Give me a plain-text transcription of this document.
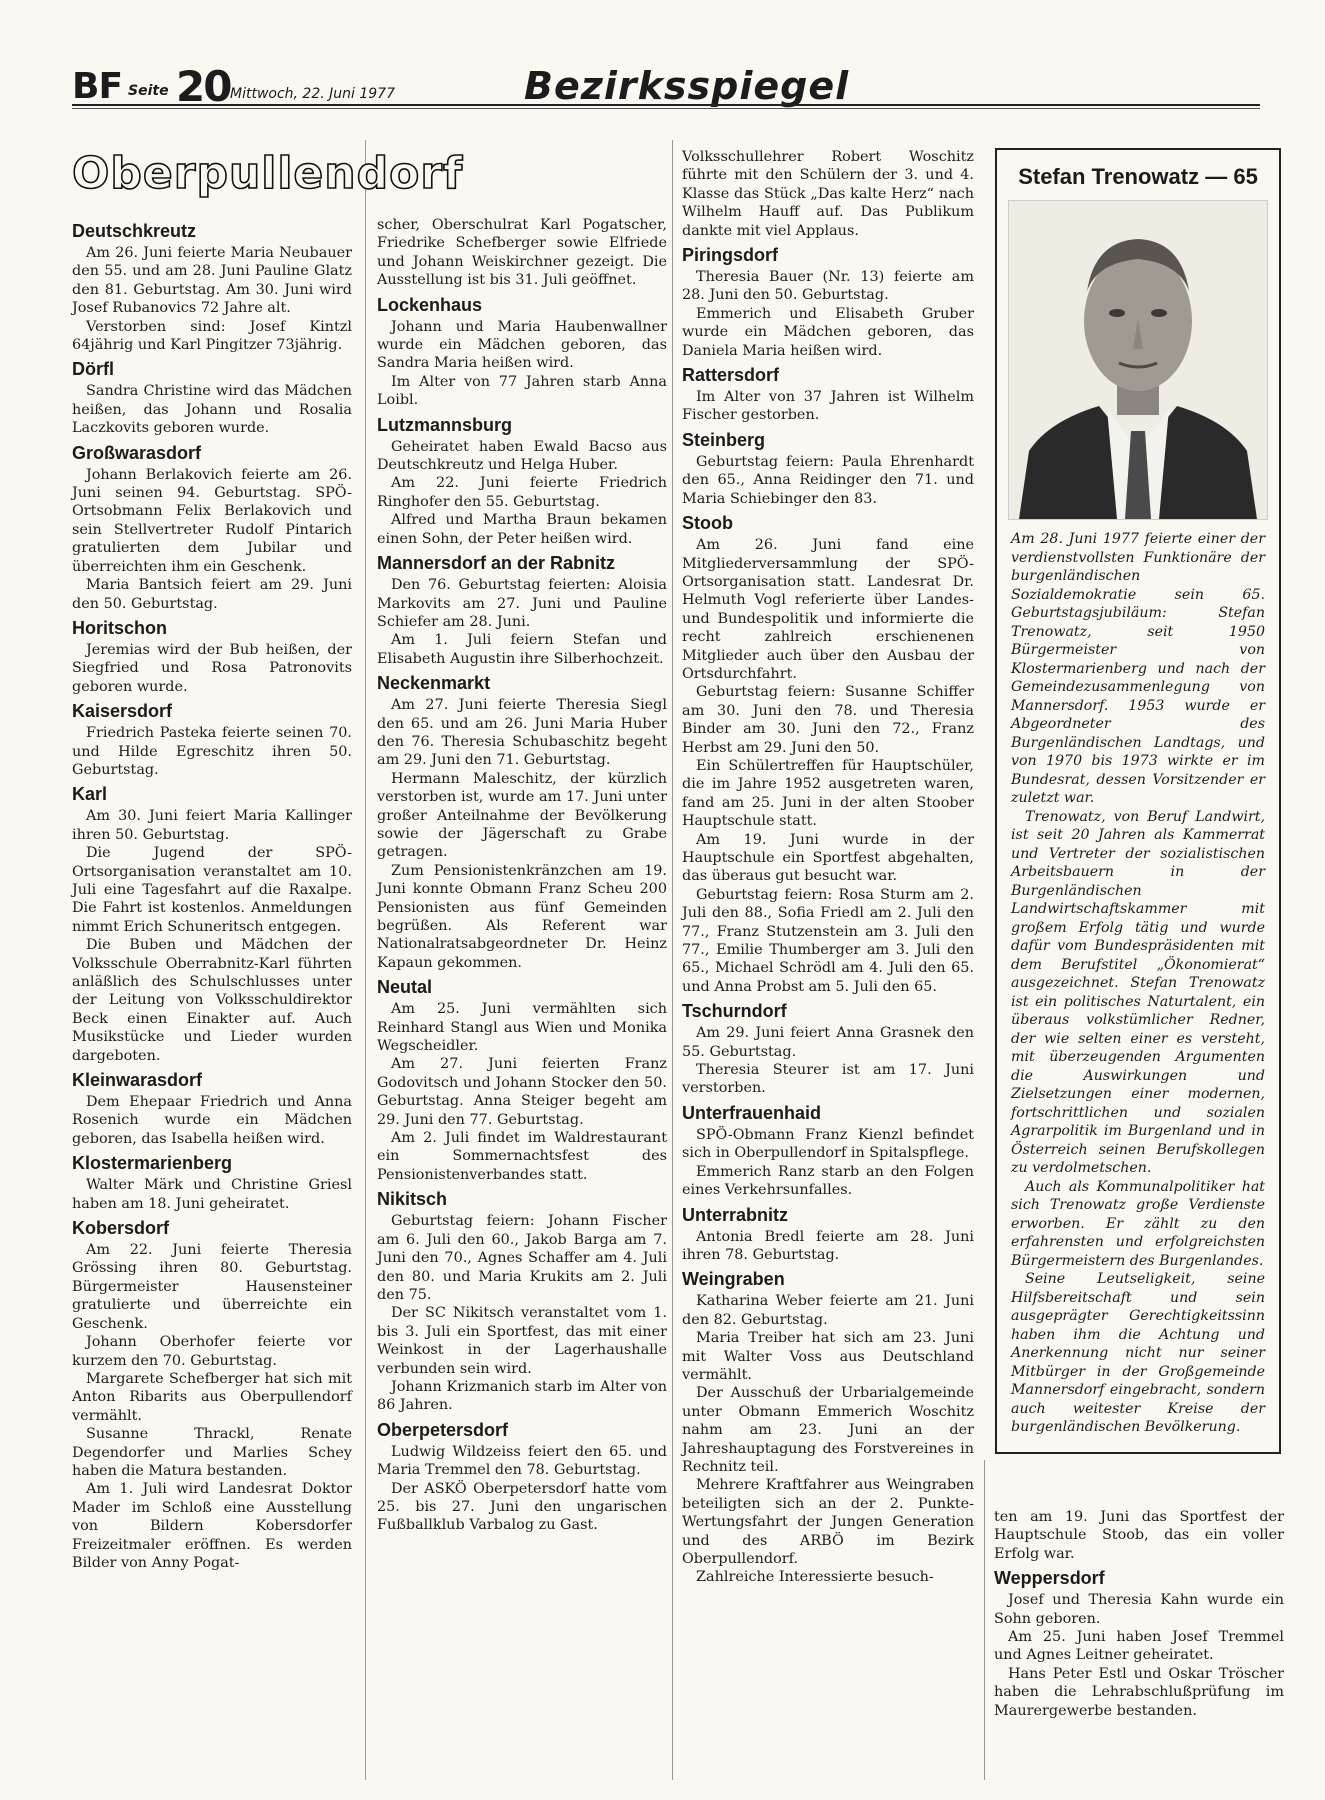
BF Seite 20 Mittwoch, 22. Juni 1977	Bezirksspiegel
Oberpullendorf
Deutschkreutz

Am 26. Juni feierte Maria Neubauer den 55. und am 28. Juni Pauline Glatz den 81. Geburtstag. Am 30. Juni wird Josef Rubanovics 72 Jahre alt.

Verstorben sind: Josef Kintzl 64jährig und Karl Pingitzer 73jährig.

Dörfl

Sandra Christine wird das Mädchen heißen, das Johann und Rosalia Laczkovits geboren wurde.

Großwarasdorf

Johann Berlakovich feierte am 26. Juni seinen 94. Geburtstag. SPÖ-Ortsobmann Felix Berlakovich und sein Stellvertreter Rudolf Pintarich gratulierten dem Jubilar und überreichten ihm ein Geschenk.

Maria Bantsich feiert am 29. Juni den 50. Geburtstag.

Horitschon

Jeremias wird der Bub heißen, der Siegfried und Rosa Patronovits geboren wurde.

Kaisersdorf

Friedrich Pasteka feierte seinen 70. und Hilde Egreschitz ihren 50. Geburtstag.

Karl

Am 30. Juni feiert Maria Kallinger ihren 50. Geburtstag.

Die Jugend der SPÖ-Ortsorganisation veranstaltet am 10. Juli eine Tagesfahrt auf die Raxalpe. Die Fahrt ist kostenlos. Anmeldungen nimmt Erich Schuneritsch entgegen.

Die Buben und Mädchen der Volksschule Oberrabnitz-Karl führten anläßlich des Schulschlusses unter der Leitung von Volksschuldirektor Beck einen Einakter auf. Auch Musikstücke und Lieder wurden dargeboten.

Kleinwarasdorf

Dem Ehepaar Friedrich und Anna Rosenich wurde ein Mädchen geboren, das Isabella heißen wird.

Klostermarienberg

Walter Märk und Christine Griesl haben am 18. Juni geheiratet.

Kobersdorf

Am 22. Juni feierte Theresia Grössing ihren 80. Geburtstag. Bürgermeister Hausensteiner gratulierte und überreichte ein Geschenk.

Johann Oberhofer feierte vor kurzem den 70. Geburtstag.

Margarete Schefberger hat sich mit Anton Ribarits aus Oberpullendorf vermählt.

Susanne Thrackl, Renate Degendorfer und Marlies Schey haben die Matura bestanden.

Am 1. Juli wird Landesrat Doktor Mader im Schloß eine Ausstellung von Bildern Kobersdorfer Freizeitmaler eröffnen. Es werden Bilder von Anny Pogat-

scher, Oberschulrat Karl Pogatscher, Friedrike Schefberger sowie Elfriede und Johann Weiskirchner gezeigt. Die Ausstellung ist bis 31. Juli geöffnet.

Lockenhaus

Johann und Maria Haubenwallner wurde ein Mädchen geboren, das Sandra Maria heißen wird.

Im Alter von 77 Jahren starb Anna Loibl.

Lutzmannsburg

Geheiratet haben Ewald Bacso aus Deutschkreutz und Helga Huber.

Am 22. Juni feierte Friedrich Ringhofer den 55. Geburtstag.

Alfred und Martha Braun bekamen einen Sohn, der Peter heißen wird.

Mannersdorf an der Rabnitz

Den 76. Geburtstag feierten: Aloisia Markovits am 27. Juni und Pauline Schiefer am 28. Juni.

Am 1. Juli feiern Stefan und Elisabeth Augustin ihre Silberhochzeit.

Neckenmarkt

Am 27. Juni feierte Theresia Siegl den 65. und am 26. Juni Maria Huber den 76. Theresia Schubaschitz begeht am 29. Juni den 71. Geburtstag.

Hermann Maleschitz, der kürzlich verstorben ist, wurde am 17. Juni unter großer Anteilnahme der Bevölkerung sowie der Jägerschaft zu Grabe getragen.

Zum Pensionistenkränzchen am 19. Juni konnte Obmann Franz Scheu 200 Pensionisten aus fünf Gemeinden begrüßen. Als Referent war Nationalratsabgeordneter Dr. Heinz Kapaun gekommen.

Neutal

Am 25. Juni vermählten sich Reinhard Stangl aus Wien und Monika Wegscheidler.

Am 27. Juni feierten Franz Godovitsch und Johann Stocker den 50. Geburtstag. Anna Steiger begeht am 29. Juni den 77. Geburtstag.

Am 2. Juli findet im Waldrestaurant ein Sommernachtsfest des Pensionistenverbandes statt.

Nikitsch

Geburtstag feiern: Johann Fischer am 6. Juli den 60., Jakob Barga am 7. Juni den 70., Agnes Schaffer am 4. Juli den 80. und Maria Krukits am 2. Juli den 75.

Der SC Nikitsch veranstaltet vom 1. bis 3. Juli ein Sportfest, das mit einer Weinkost in der Lagerhaushalle verbunden sein wird.

Johann Krizmanich starb im Alter von 86 Jahren.

Oberpetersdorf

Ludwig Wildzeiss feiert den 65. und Maria Tremmel den 78. Geburtstag.

Der ASKÖ Oberpetersdorf hatte vom 25. bis 27. Juni den ungarischen Fußballklub Varbalog zu Gast.

Volksschullehrer Robert Woschitz führte mit den Schülern der 3. und 4. Klasse das Stück „Das kalte Herz“ nach Wilhelm Hauff auf. Das Publikum dankte mit viel Applaus.

Piringsdorf

Theresia Bauer (Nr. 13) feierte am 28. Juni den 50. Geburtstag.

Emmerich und Elisabeth Gruber wurde ein Mädchen geboren, das Daniela Maria heißen wird.

Rattersdorf

Im Alter von 37 Jahren ist Wilhelm Fischer gestorben.

Steinberg

Geburtstag feiern: Paula Ehrenhardt den 65., Anna Reidinger den 71. und Maria Schiebinger den 83.

Stoob

Am 26. Juni fand eine Mitgliederversammlung der SPÖ-Ortsorganisation statt. Landesrat Dr. Helmuth Vogl referierte über Landes- und Bundespolitik und informierte die recht zahlreich erschienenen Mitglieder auch über den Ausbau der Ortsdurchfahrt.

Geburtstag feiern: Susanne Schiffer am 30. Juni den 78. und Theresia Binder am 30. Juni den 72., Franz Herbst am 29. Juni den 50.

Ein Schülertreffen für Hauptschüler, die im Jahre 1952 ausgetreten waren, fand am 25. Juni in der alten Stoober Hauptschule statt.

Am 19. Juni wurde in der Hauptschule ein Sportfest abgehalten, das überaus gut besucht war.

Geburtstag feiern: Rosa Sturm am 2. Juli den 88., Sofia Friedl am 2. Juli den 77., Franz Stutzenstein am 3. Juli den 77., Emilie Thumberger am 3. Juli den 65., Michael Schrödl am 4. Juli den 65. und Anna Probst am 5. Juli den 65.

Tschurndorf

Am 29. Juni feiert Anna Grasnek den 55. Geburtstag.

Theresia Steurer ist am 17. Juni verstorben.

Unterfrauenhaid

SPÖ-Obmann Franz Kienzl befindet sich in Oberpullendorf in Spitalspflege.

Emmerich Ranz starb an den Folgen eines Verkehrsunfalles.

Unterrabnitz

Antonia Bredl feierte am 28. Juni ihren 78. Geburtstag.

Weingraben

Katharina Weber feierte am 21. Juni den 82. Geburtstag.

Maria Treiber hat sich am 23. Juni mit Walter Voss aus Deutschland vermählt.

Der Ausschuß der Urbarialgemeinde unter Obmann Emmerich Woschitz nahm am 23. Juni an der Jahreshauptagung des Forstvereines in Rechnitz teil.

Mehrere Kraftfahrer aus Weingraben beteiligten sich an der 2. Punkte-Wertungsfahrt der Jungen Generation und des ARBÖ im Bezirk Oberpullendorf.

Zahlreiche Interessierte besuch-

ten am 19. Juni das Sportfest der Hauptschule Stoob, das ein voller Erfolg war.

Weppersdorf

Josef und Theresia Kahn wurde ein Sohn geboren.

Am 25. Juni haben Josef Tremmel und Agnes Leitner geheiratet.

Hans Peter Estl und Oskar Tröscher haben die Lehrabschlußprüfung im Maurergewerbe bestanden.

Stefan Trenowatz — 65

Am 28. Juni 1977 feierte einer der verdienstvollsten Funktionäre der burgenländischen Sozialdemokratie sein 65. Geburtstagsjubiläum: Stefan Trenowatz, seit 1950 Bürgermeister von Klostermarienberg und nach der Gemeindezusammenlegung von Mannersdorf. 1953 wurde er Abgeordneter des Burgenländischen Landtags, und von 1970 bis 1973 wirkte er im Bundesrat, dessen Vorsitzender er zuletzt war.

Trenowatz, von Beruf Landwirt, ist seit 20 Jahren als Kammerrat und Vertreter der sozialistischen Arbeitsbauern in der Burgenländischen Landwirtschaftskammer mit großem Erfolg tätig und wurde dafür vom Bundespräsidenten mit dem Berufstitel „Ökonomierat“ ausgezeichnet. Stefan Trenowatz ist ein politisches Naturtalent, ein überaus volkstümlicher Redner, der wie selten einer es versteht, mit überzeugenden Argumenten die Auswirkungen und Zielsetzungen einer modernen, fortschrittlichen und sozialen Agrarpolitik im Burgenland und in Österreich seinen Berufskollegen zu verdolmetschen.

Auch als Kommunalpolitiker hat sich Trenowatz große Verdienste erworben. Er zählt zu den erfahrensten und erfolgreichsten Bürgermeistern des Burgenlandes.

Seine Leutseligkeit, seine Hilfsbereitschaft und sein ausgeprägter Gerechtigkeitssinn haben ihm die Achtung und Anerkennung nicht nur seiner Mitbürger in der Großgemeinde Mannersdorf eingebracht, sondern auch weitester Kreise der burgenländischen Bevölkerung.
